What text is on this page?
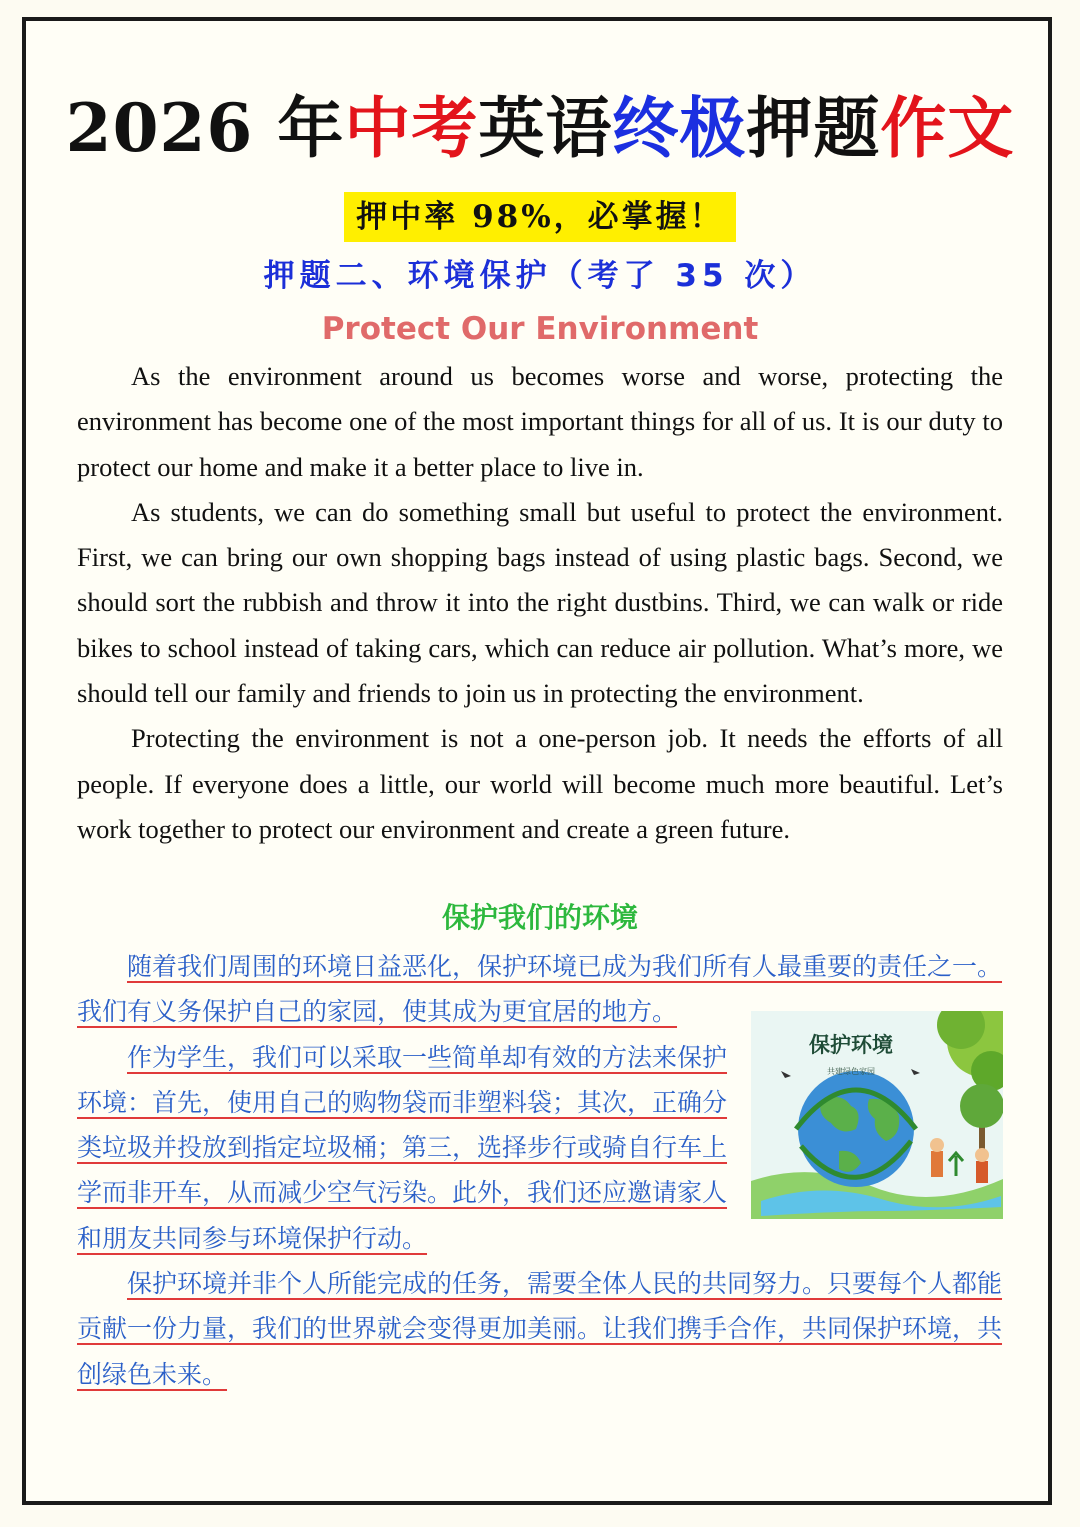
2026 年中考英语终极押题作文
押中率 98%，必掌握！
押题二、环境保护（考了 35 次）
Protect Our Environment

As the environment around us becomes worse and worse, protecting the environment has become one of the most important things for all of us. It is our duty to protect our home and make it a better place to live in.

As students, we can do something small but useful to protect the environment. First, we can bring our own shopping bags instead of using plastic bags. Second, we should sort the rubbish and throw it into the right dustbins. Third, we can walk or ride bikes to school instead of taking cars, which can reduce air pollution. What’s more, we should tell our family and friends to join us in protecting the environment.

Protecting the environment is not a one-person job. It needs the efforts of all people. If everyone does a little, our world will become much more beautiful. Let’s work together to protect our environment and create a green future.

保护我们的环境

随着我们周围的环境日益恶化，保护环境已成为我们所有人最重要的责任之一。我们有义务保护自己的家园，使其成为更宜居的地方。

保护环境
共建绿色家园

作为学生，我们可以采取一些简单却有效的方法来保护环境：首先，使用自己的购物袋而非塑料袋；其次，正确分类垃圾并投放到指定垃圾桶；第三，选择步行或骑自行车上学而非开车，从而减少空气污染。此外，我们还应邀请家人和朋友共同参与环境保护行动。

保护环境并非个人所能完成的任务，需要全体人民的共同努力。只要每个人都能贡献一份力量，我们的世界就会变得更加美丽。让我们携手合作，共同保护环境，共创绿色未来。
